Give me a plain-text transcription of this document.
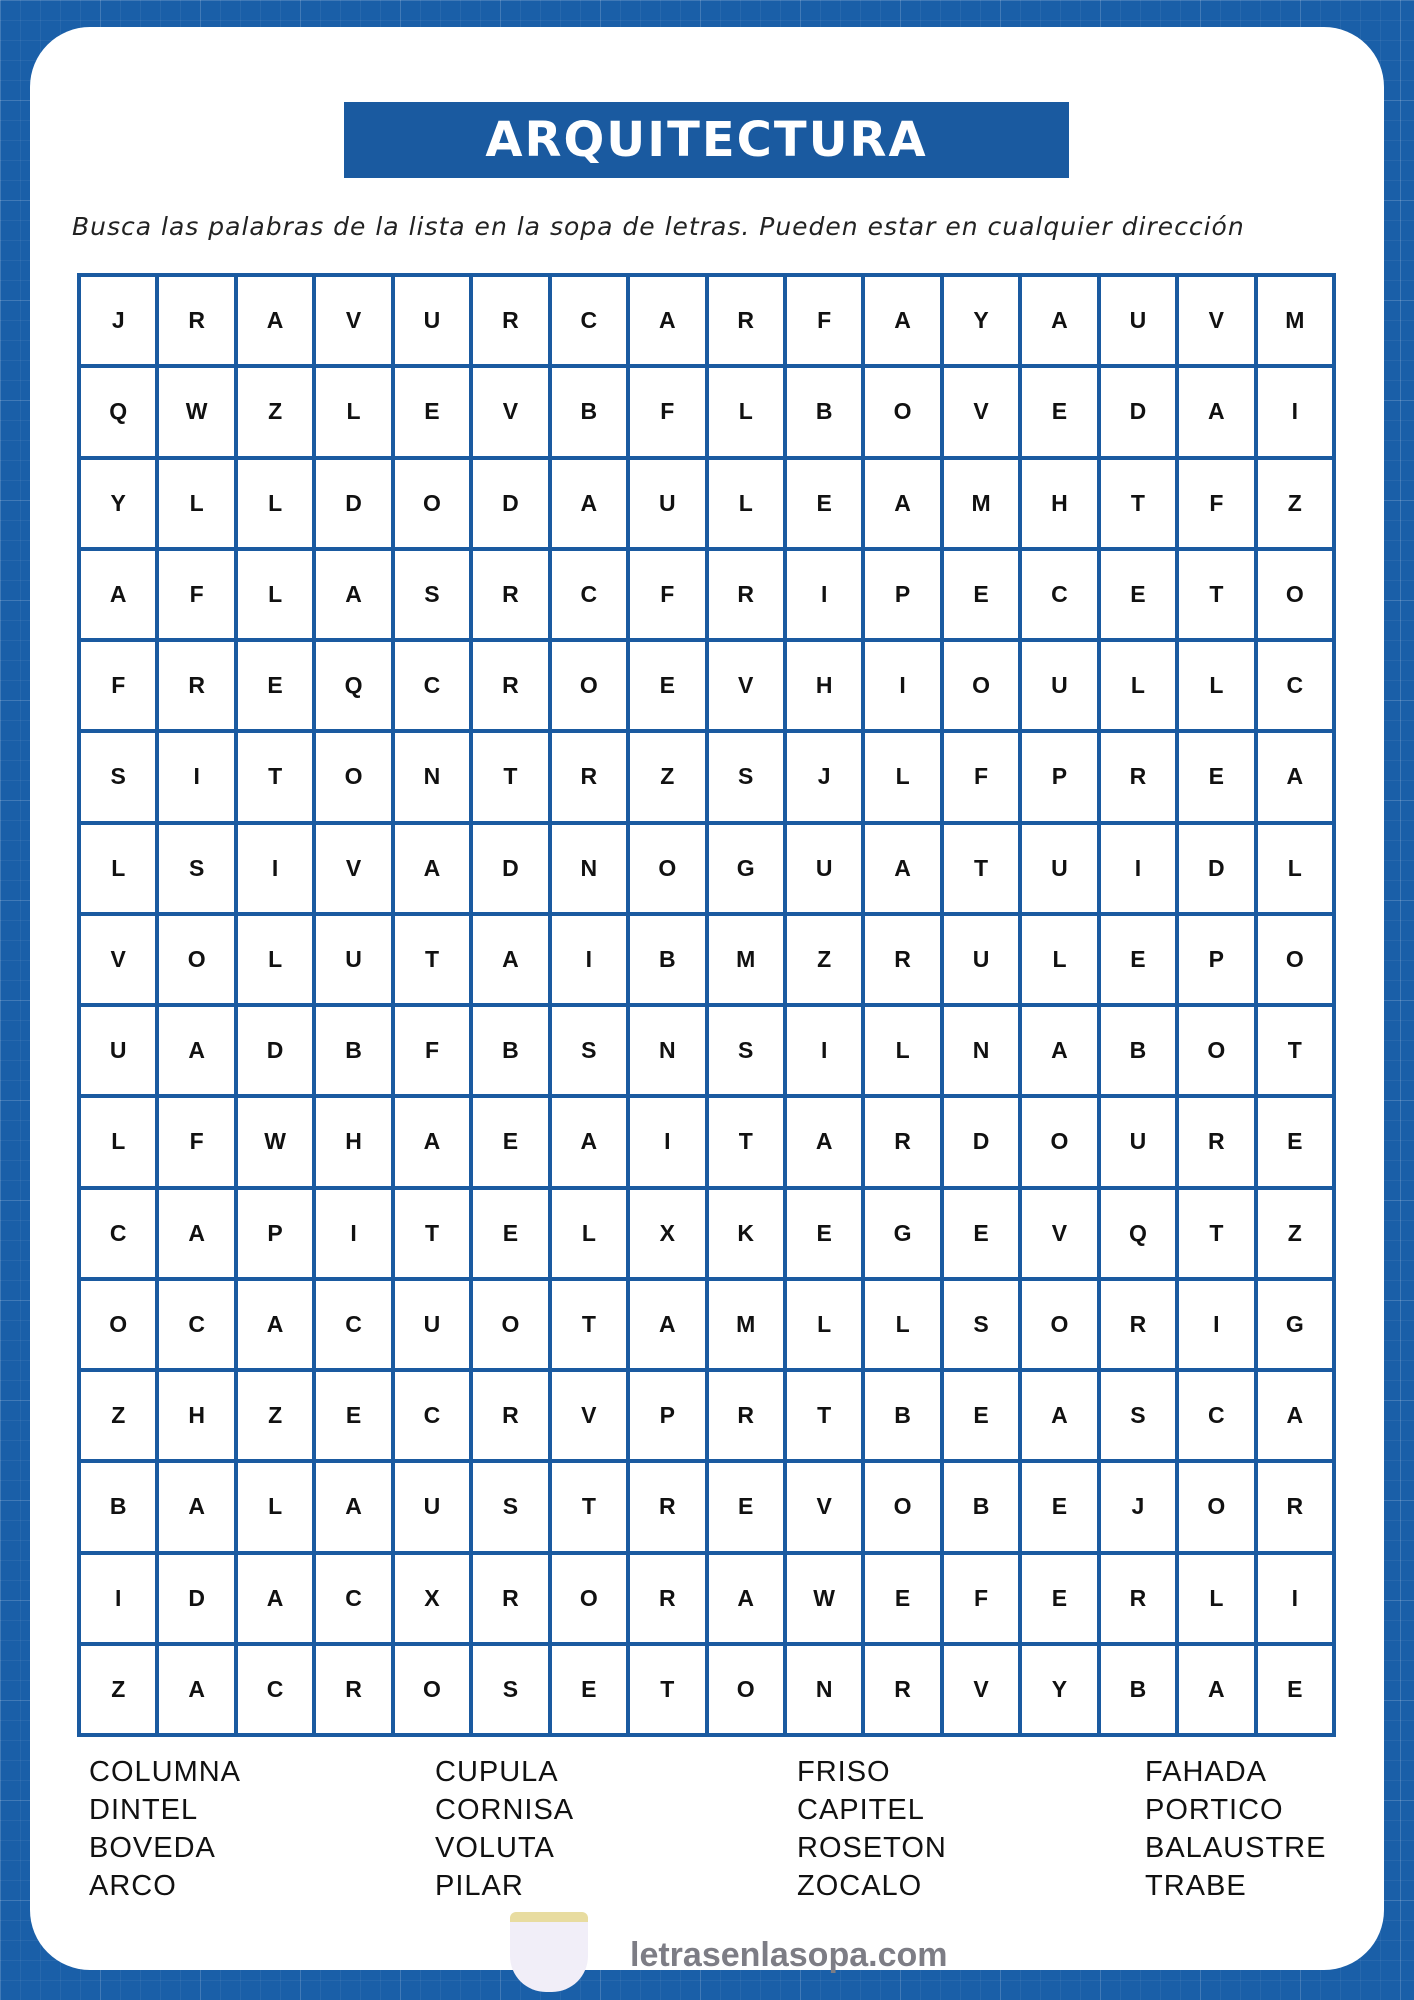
ARQUITECTURA
Busca las palabras de la lista en la sopa de letras. Pueden estar en cualquier dirección
J	R	A	V	U	R	C	A	R	F	A	Y	A	U	V	M
Q	W	Z	L	E	V	B	F	L	B	O	V	E	D	A	I
Y	L	L	D	O	D	A	U	L	E	A	M	H	T	F	Z
A	F	L	A	S	R	C	F	R	I	P	E	C	E	T	O
F	R	E	Q	C	R	O	E	V	H	I	O	U	L	L	C
S	I	T	O	N	T	R	Z	S	J	L	F	P	R	E	A
L	S	I	V	A	D	N	O	G	U	A	T	U	I	D	L
V	O	L	U	T	A	I	B	M	Z	R	U	L	E	P	O
U	A	D	B	F	B	S	N	S	I	L	N	A	B	O	T
L	F	W	H	A	E	A	I	T	A	R	D	O	U	R	E
C	A	P	I	T	E	L	X	K	E	G	E	V	Q	T	Z
O	C	A	C	U	O	T	A	M	L	L	S	O	R	I	G
Z	H	Z	E	C	R	V	P	R	T	B	E	A	S	C	A
B	A	L	A	U	S	T	R	E	V	O	B	E	J	O	R
I	D	A	C	X	R	O	R	A	W	E	F	E	R	L	I
Z	A	C	R	O	S	E	T	O	N	R	V	Y	B	A	E
COLUMNA	CUPULA	FRISO	FAHADA
DINTEL	CORNISA	CAPITEL	PORTICO
BOVEDA	VOLUTA	ROSETON	BALAUSTRE
ARCO	PILAR	ZOCALO	TRABE
letrasenlasopa.com
